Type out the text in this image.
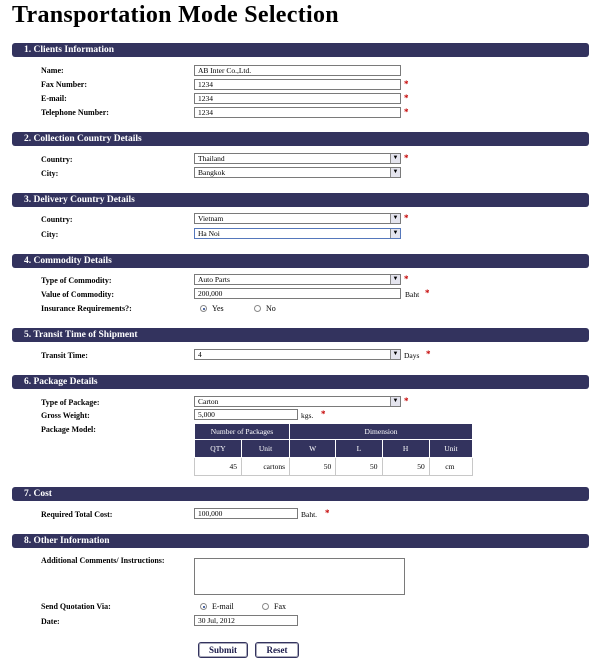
Transportation Mode Selection
1. Clients Information
Name:	AB Inter Co.,Ltd.
Fax Number:	1234	*
E-mail:	1234	*
Telephone Number:	1234	*
2. Collection Country Details
Country:	Thailand	▼ *
City:	Bangkok	▼
3. Delivery Country Details
Country:	Vietnam	▼ *
City:	Ha Noi	▼
4. Commodity Details
Type of Commodity:	Auto Parts	▼ *
Value of Commodity:	200,000	Baht *
Insurance Requirements?:	Yes	No
5. Transit Time of Shipment
Transit Time:	4	▼ Days *
6. Package Details
Type of Package:	Carton	▼ *
Gross Weight:	5,000	kgs. *
Package Model:	Number of Packages		Dimension			
QTY	Unit	W	L	H	Unit
45	cartons	50	50	50	cm
7. Cost
Required Total Cost:	100,000	Baht. *
8. Other Information
Additional Comments/ Instructions:
Send Quotation Via:	E-mail	Fax
Date:	30 Jul, 2012
Submit	Reset
